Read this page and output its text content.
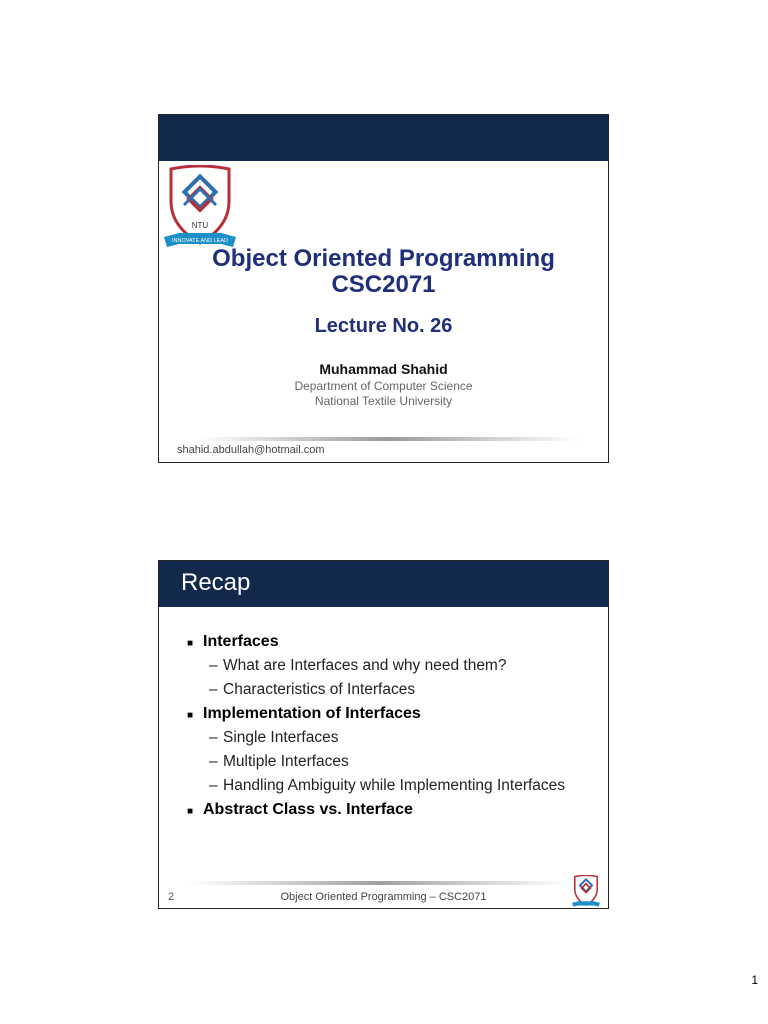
NTU
INNOVATE AND LEAD
Object Oriented Programming
CSC2071
Lecture No. 26
Muhammad Shahid
Department of Computer Science
National Textile University
shahid.abdullah@hotmail.com
Recap
■ Interfaces
– What are Interfaces and why need them?
– Characteristics of Interfaces
■ Implementation of Interfaces
– Single Interfaces
– Multiple Interfaces
– Handling Ambiguity while Implementing Interfaces
■ Abstract Class vs. Interface
2	Object Oriented Programming – CSC2071
1
